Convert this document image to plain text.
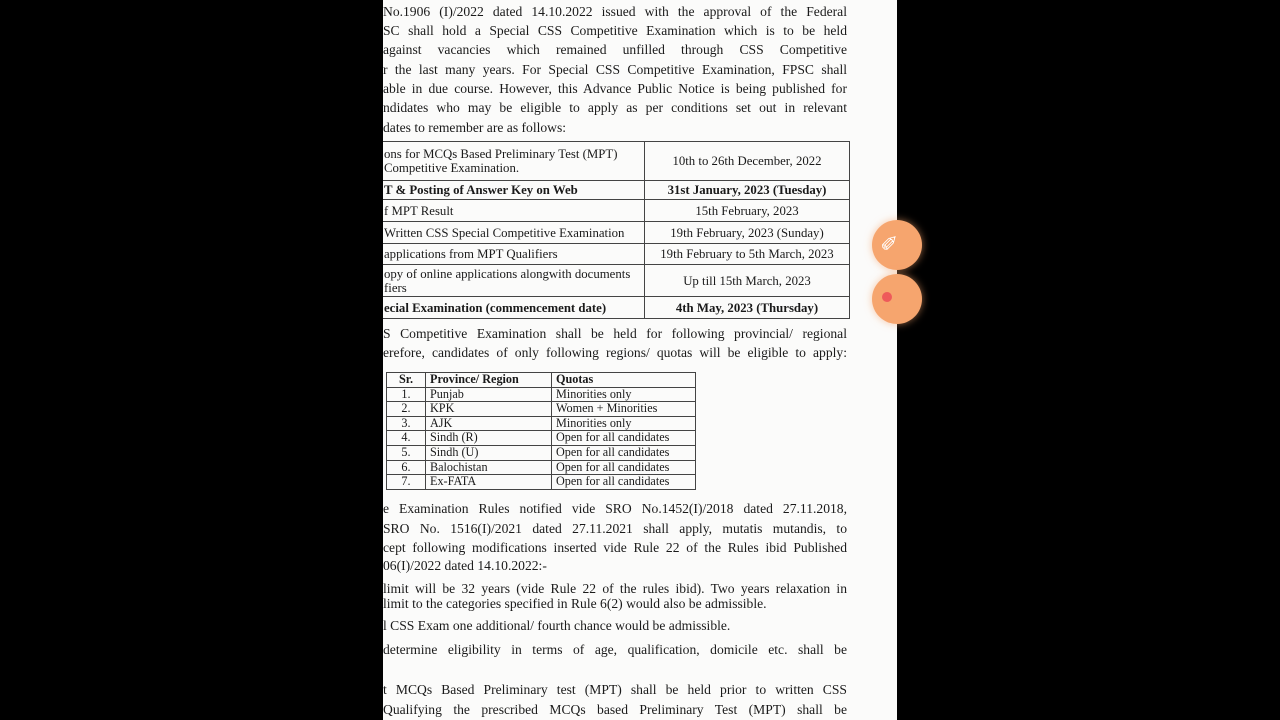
No.1906 (I)/2022 dated 14.10.2022 issued with the approval of the Federal
SC shall hold a Special CSS Competitive Examination which is to be held
against vacancies which remained unfilled through CSS Competitive
r the last many years. For Special CSS Competitive Examination, FPSC shall
able in due course. However, this Advance Public Notice is being published for
ndidates who may be eligible to apply as per conditions set out in relevant
dates to remember are as follows:
ons for MCQs Based Preliminary Test (MPT) Competitive Examination.	10th to 26th December, 2022
T & Posting of Answer Key on Web	31st January, 2023 (Tuesday)
f MPT Result	15th February, 2023
Written CSS Special Competitive Examination	19th February, 2023 (Sunday)
applications from MPT Qualifiers	19th February to 5th March, 2023
opy of online applications alongwith documents fiers	Up till 15th March, 2023
ecial Examination (commencement date)	4th May, 2023 (Thursday)
S Competitive Examination shall be held for following provincial/ regional
erefore, candidates of only following regions/ quotas will be eligible to apply:
Sr.	Province/ Region	Quotas
1.	Punjab	Minorities only
2.	KPK	Women + Minorities
3.	AJK	Minorities only
4.	Sindh (R)	Open for all candidates
5.	Sindh (U)	Open for all candidates
6.	Balochistan	Open for all candidates
7.	Ex-FATA	Open for all candidates
e Examination Rules notified vide SRO No.1452(I)/2018 dated 27.11.2018,
SRO No. 1516(I)/2021 dated 27.11.2021 shall apply, mutatis mutandis, to
cept following modifications inserted vide Rule 22 of the Rules ibid Published
06(I)/2022 dated 14.10.2022:-
limit will be 32 years (vide Rule 22 of the rules ibid). Two years relaxation in
limit to the categories specified in Rule 6(2) would also be admissible.
l CSS Exam one additional/ fourth chance would be admissible.
determine eligibility in terms of age, qualification, domicile etc. shall be
t MCQs Based Preliminary test (MPT) shall be held prior to written CSS
Qualifying the prescribed MCQs based Preliminary Test (MPT) shall be
✏
